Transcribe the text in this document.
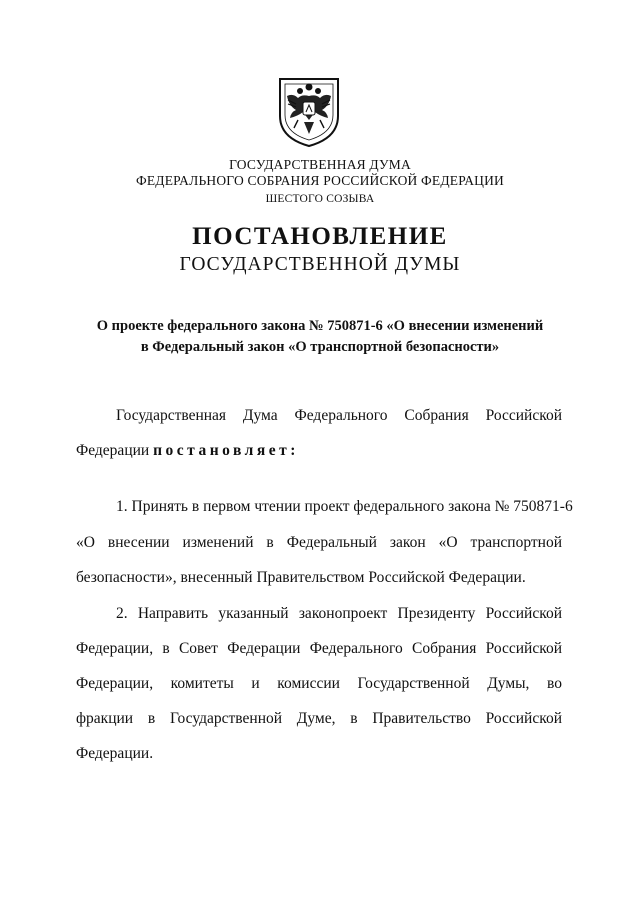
ГОСУДАРСТВЕННАЯ ДУМА
ФЕДЕРАЛЬНОГО СОБРАНИЯ РОССИЙСКОЙ ФЕДЕРАЦИИ
ШЕСТОГО СОЗЫВА
ПОСТАНОВЛЕНИЕ
ГОСУДАРСТВЕННОЙ ДУМЫ
О проекте федерального закона № 750871-6 «О внесении изменений
в Федеральный закон «О транспортной безопасности»
Государственная Дума Федерального Собрания Российской
Федерации постановляет:
1. Принять в первом чтении проект федерального закона № 750871-6
«О внесении изменений в Федеральный закон «О транспортной
безопасности», внесенный Правительством Российской Федерации.
2. Направить указанный законопроект Президенту Российской
Федерации, в Совет Федерации Федерального Собрания Российской
Федерации, комитеты и комиссии Государственной Думы, во
фракции в Государственной Думе, в Правительство Российской
Федерации.
